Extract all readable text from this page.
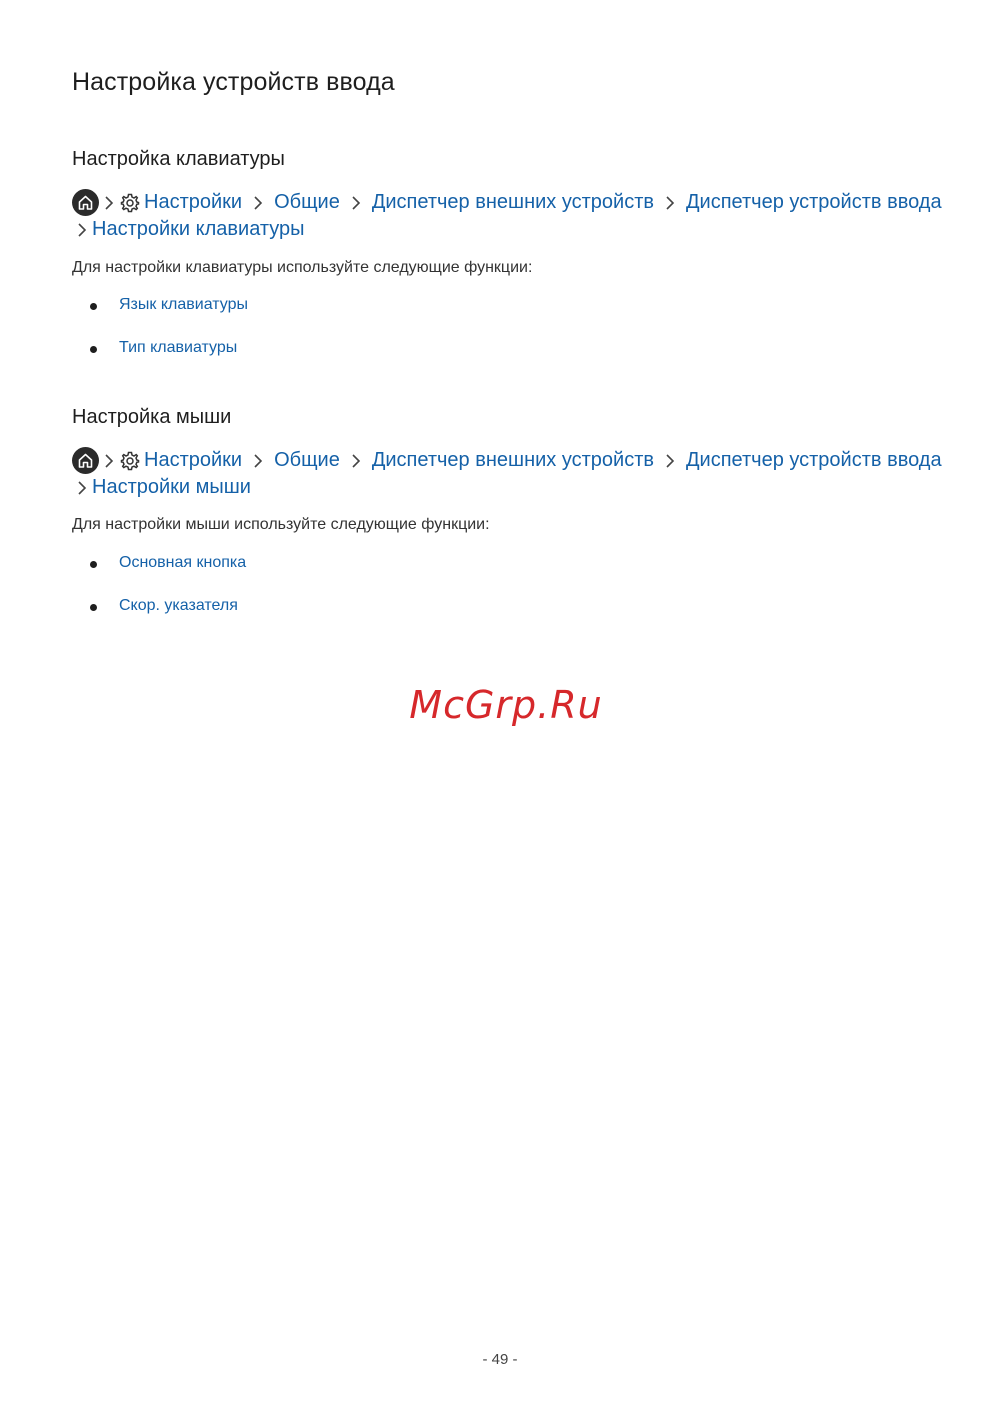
Настройка устройств ввода
Настройка клавиатуры
Настройки Общие Диспетчер внешних устройств Диспетчер устройств ввода
Настройки клавиатуры

Для настройки клавиатуры используйте следующие функции:

Язык клавиатуры
Тип клавиатуры
Настройка мыши
Настройки Общие Диспетчер внешних устройств Диспетчер устройств ввода
Настройки мыши

Для настройки мыши используйте следующие функции:

Основная кнопка
Скор. указателя
McGrp.Ru
- 49 -
